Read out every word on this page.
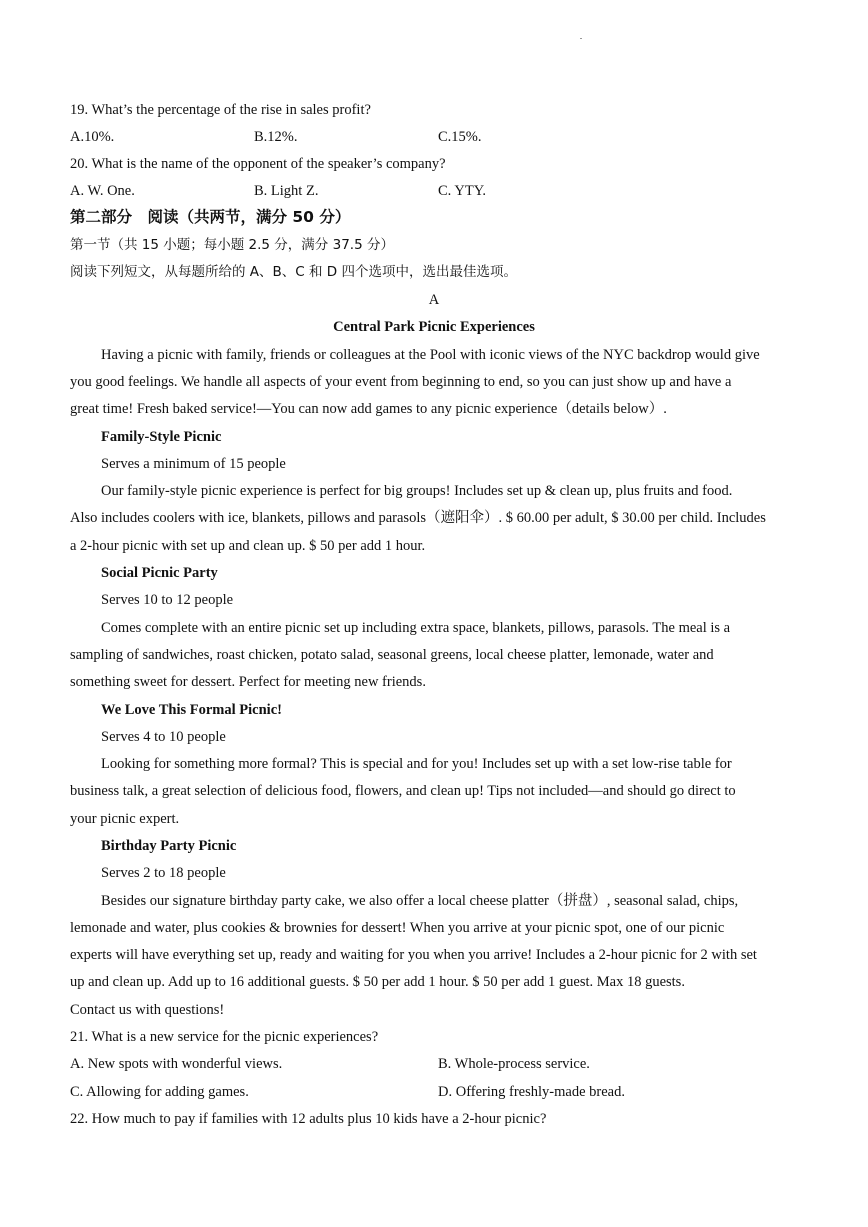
19. What’s the percentage of the rise in sales profit?
A.10%.	B.12%.	C.15%.
20. What is the name of the opponent of the speaker’s company?
A. W. One.	B. Light Z.	C. YTY.
第二部分　阅读（共两节，满分 50 分）
第一节（共 15 小题；每小题 2.5 分，满分 37.5 分）
阅读下列短文，从每题所给的 A、B、C 和 D 四个选项中，选出最佳选项。
A
Central Park Picnic Experiences
Having a picnic with family, friends or colleagues at the Pool with iconic views of the NYC backdrop would give
you good feelings. We handle all aspects of your event from beginning to end, so you can just show up and have a
great time! Fresh baked service!—You can now add games to any picnic experience（details below）.
Family-Style Picnic
Serves a minimum of 15 people
Our family-style picnic experience is perfect for big groups! Includes set up & clean up, plus fruits and food.
Also includes coolers with ice, blankets, pillows and parasols（遮阳伞）. $ 60.00 per adult, $ 30.00 per child. Includes
a 2-hour picnic with set up and clean up. $ 50 per add 1 hour.
Social Picnic Party
Serves 10 to 12 people
Comes complete with an entire picnic set up including extra space, blankets, pillows, parasols. The meal is a
sampling of sandwiches, roast chicken, potato salad, seasonal greens, local cheese platter, lemonade, water and
something sweet for dessert. Perfect for meeting new friends.
We Love This Formal Picnic!
Serves 4 to 10 people
Looking for something more formal? This is special and for you! Includes set up with a set low-rise table for
business talk, a great selection of delicious food, flowers, and clean up! Tips not included—and should go direct to
your picnic expert.
Birthday Party Picnic
Serves 2 to 18 people
Besides our signature birthday party cake, we also offer a local cheese platter（拼盘）, seasonal salad, chips,
lemonade and water, plus cookies & brownies for dessert! When you arrive at your picnic spot, one of our picnic
experts will have everything set up, ready and waiting for you when you arrive! Includes a 2-hour picnic for 2 with set
up and clean up. Add up to 16 additional guests. $ 50 per add 1 hour. $ 50 per add 1 guest. Max 18 guests.
Contact us with questions!
21. What is a new service for the picnic experiences?
A. New spots with wonderful views.	B. Whole-process service.
C. Allowing for adding games.	D. Offering freshly-made bread.
22. How much to pay if families with 12 adults plus 10 kids have a 2-hour picnic?
